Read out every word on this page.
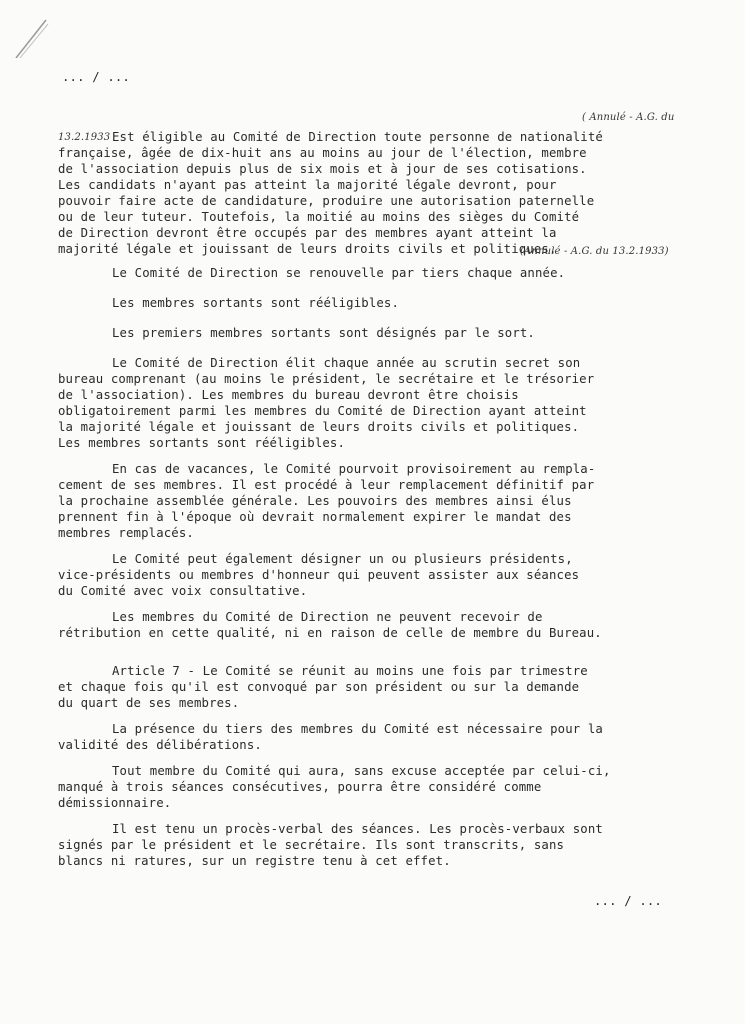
... / ...
( Annulé - A.G. du
13.2.1933 Est éligible au Comité de Direction toute personne de nationalité
française, âgée de dix-huit ans au moins au jour de l'élection, membre
de l'association depuis plus de six mois et à jour de ses cotisations.
Les candidats n'ayant pas atteint la majorité légale devront, pour
pouvoir faire acte de candidature, produire une autorisation paternelle
ou de leur tuteur. Toutefois, la moitié au moins des sièges du Comité
de Direction devront être occupés par des membres ayant atteint la
majorité légale et jouissant de leurs droits civils et politiques.
(Annulé - A.G. du 13.2.1933)
Le Comité de Direction se renouvelle par tiers chaque année.
Les membres sortants sont rééligibles.
Les premiers membres sortants sont désignés par le sort.
Le Comité de Direction élit chaque année au scrutin secret son
bureau comprenant (au moins le président, le secrétaire et le trésorier
de l'association). Les membres du bureau devront être choisis
obligatoirement parmi les membres du Comité de Direction ayant atteint
la majorité légale et jouissant de leurs droits civils et politiques.
Les membres sortants sont rééligibles.
En cas de vacances, le Comité pourvoit provisoirement au rempla-
cement de ses membres. Il est procédé à leur remplacement définitif par
la prochaine assemblée générale. Les pouvoirs des membres ainsi élus
prennent fin à l'époque où devrait normalement expirer le mandat des
membres remplacés.
Le Comité peut également désigner un ou plusieurs présidents,
vice-présidents ou membres d'honneur qui peuvent assister aux séances
du Comité avec voix consultative.
Les membres du Comité de Direction ne peuvent recevoir de
rétribution en cette qualité, ni en raison de celle de membre du Bureau.
Article 7 - Le Comité se réunit au moins une fois par trimestre
et chaque fois qu'il est convoqué par son président ou sur la demande
du quart de ses membres.
La présence du tiers des membres du Comité est nécessaire pour la
validité des délibérations.
Tout membre du Comité qui aura, sans excuse acceptée par celui-ci,
manqué à trois séances consécutives, pourra être considéré comme
démissionnaire.
Il est tenu un procès-verbal des séances. Les procès-verbaux sont
signés par le président et le secrétaire. Ils sont transcrits, sans
blancs ni ratures, sur un registre tenu à cet effet.
... / ...
